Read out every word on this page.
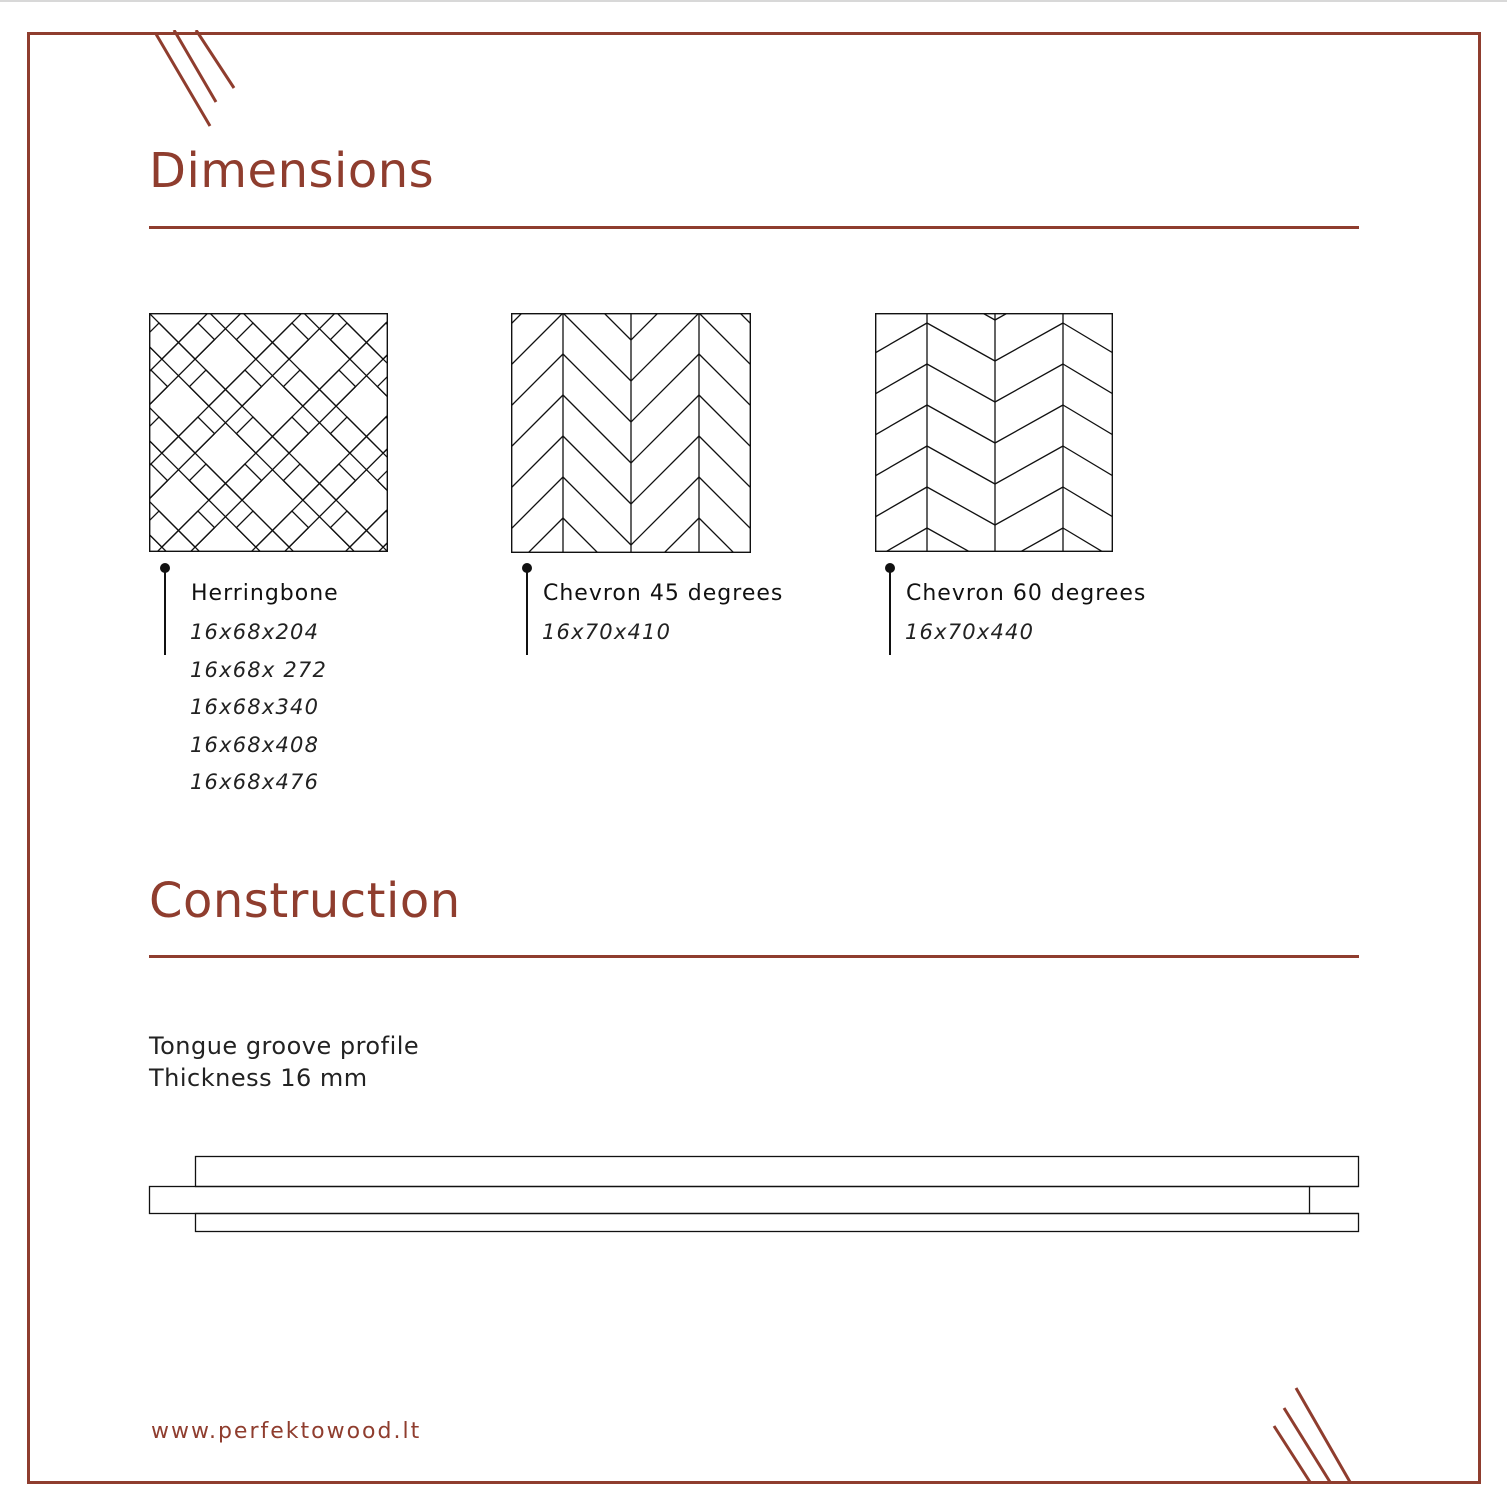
Dimensions
Herringbone
16x68x204
16x68x 272
16x68x340
16x68x408
16x68x476
Chevron 45 degrees
16x70x410
Chevron 60 degrees
16x70x440
Construction
Tongue groove profile
Thickness 16 mm
www.perfektowood.lt
